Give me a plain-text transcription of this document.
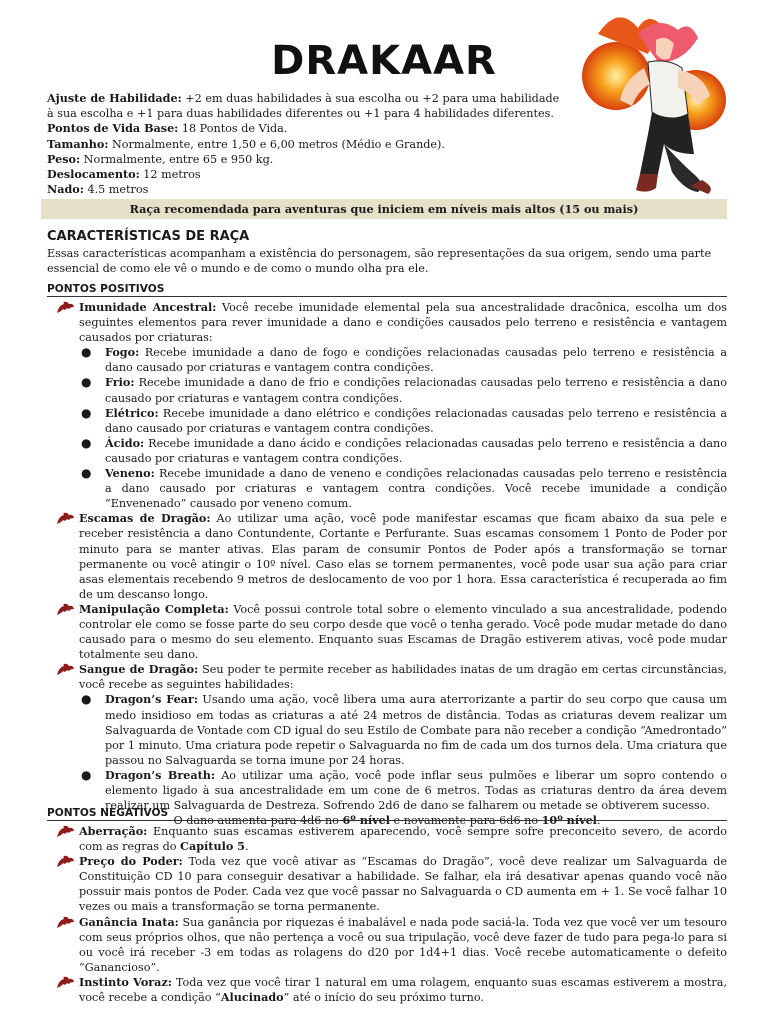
DRAKAAR
Ajuste de Habilidade: +2 em duas habilidades à sua escolha ou +2 para uma habilidade à sua escolha e +1 para duas habilidades diferentes ou +1 para 4 habilidades diferentes.
Pontos de Vida Base: 18 Pontos de Vida.
Tamanho: Normalmente, entre 1,50 e 6,00 metros (Médio e Grande).
Peso: Normalmente, entre 65 e 950 kg.
Deslocamento: 12 metros
Nado: 4.5 metros
Raça recomendada para aventuras que iniciem em níveis mais altos (15 ou mais)
CARACTERÍSTICAS DE RAÇA
Essas características acompanham a existência do personagem, são representações da sua origem, sendo uma parte essencial de como ele vê o mundo e de como o mundo olha pra ele.
PONTOS POSITIVOS
Imunidade Ancestral: Você recebe imunidade elemental pela sua ancestralidade dracônica, escolha um dos seguintes elementos para rever imunidade a dano e condições causados pelo terreno e resistência e vantagem causados por criaturas:
● Fogo: Recebe imunidade a dano de fogo e condições relacionadas causadas pelo terreno e resistência a dano causado por criaturas e vantagem contra condições.
● Frio: Recebe imunidade a dano de frio e condições relacionadas causadas pelo terreno e resistência a dano causado por criaturas e vantagem contra condições.
● Elétrico: Recebe imunidade a dano elétrico e condições relacionadas causadas pelo terreno e resistência a dano causado por criaturas e vantagem contra condições.
● Ácido: Recebe imunidade a dano ácido e condições relacionadas causadas pelo terreno e resistência a dano causado por criaturas e vantagem contra condições.
● Veneno: Recebe imunidade a dano de veneno e condições relacionadas causadas pelo terreno e resistência a dano causado por criaturas e vantagem contra condições. Você recebe imunidade a condição “Envenenado” causado por veneno comum.
Escamas de Dragão: Ao utilizar uma ação, você pode manifestar escamas que ficam abaixo da sua pele e receber resistência a dano Contundente, Cortante e Perfurante. Suas escamas consomem 1 Ponto de Poder por minuto para se manter ativas. Elas param de consumir Pontos de Poder após a transformação se tornar permanente ou você atingir o 10º nível. Caso elas se tornem permanentes, você pode usar sua ação para criar asas elementais recebendo 9 metros de deslocamento de voo por 1 hora. Essa característica é recuperada ao fim de um descanso longo.
Manipulação Completa: Você possui controle total sobre o elemento vinculado a sua ancestralidade, podendo controlar ele como se fosse parte do seu corpo desde que você o tenha gerado. Você pode mudar metade do dano causado para o mesmo do seu elemento. Enquanto suas Escamas de Dragão estiverem ativas, você pode mudar totalmente seu dano.
Sangue de Dragão: Seu poder te permite receber as habilidades inatas de um dragão em certas circunstâncias, você recebe as seguintes habilidades:
● Dragon’s Fear: Usando uma ação, você libera uma aura aterrorizante a partir do seu corpo que causa um medo insidioso em todas as criaturas a até 24 metros de distância. Todas as criaturas devem realizar um Salvaguarda de Vontade com CD igual do seu Estilo de Combate para não receber a condição “Amedrontado” por 1 minuto. Uma criatura pode repetir o Salvaguarda no fim de cada um dos turnos dela. Uma criatura que passou no Salvaguarda se torna imune por 24 horas.
● Dragon’s Breath: Ao utilizar uma ação, você pode inflar seus pulmões e liberar um sopro contendo o elemento ligado à sua ancestralidade em um cone de 6 metros. Todas as criaturas dentro da área devem realizar um Salvaguarda de Destreza. Sofrendo 2d6 de dano se falharem ou metade se obtiverem sucesso.
O dano aumenta para 4d6 no 6º nível e novamente para 6d6 no 10º nível.
PONTOS NEGATIVOS
Aberração: Enquanto suas escamas estiverem aparecendo, você sempre sofre preconceito severo, de acordo com as regras do Capítulo 5.
Preço do Poder: Toda vez que você ativar as “Escamas do Dragão”, você deve realizar um Salvaguarda de Constituição CD 10 para conseguir desativar a habilidade. Se falhar, ela irá desativar apenas quando você não possuir mais pontos de Poder. Cada vez que você passar no Salvaguarda o CD aumenta em + 1. Se você falhar 10 vezes ou mais a transformação se torna permanente.
Ganância Inata: Sua ganância por riquezas é inabalável e nada pode saciá-la. Toda vez que você ver um tesouro com seus próprios olhos, que não pertença a você ou sua tripulação, você deve fazer de tudo para pega-lo para si ou você irá receber -3 em todas as rolagens do d20 por 1d4+1 dias. Você recebe automaticamente o defeito “Ganancioso”.
Instinto Voraz: Toda vez que você tirar 1 natural em uma rolagem, enquanto suas escamas estiverem a mostra, você recebe a condição “Alucinado” até o início do seu próximo turno.
